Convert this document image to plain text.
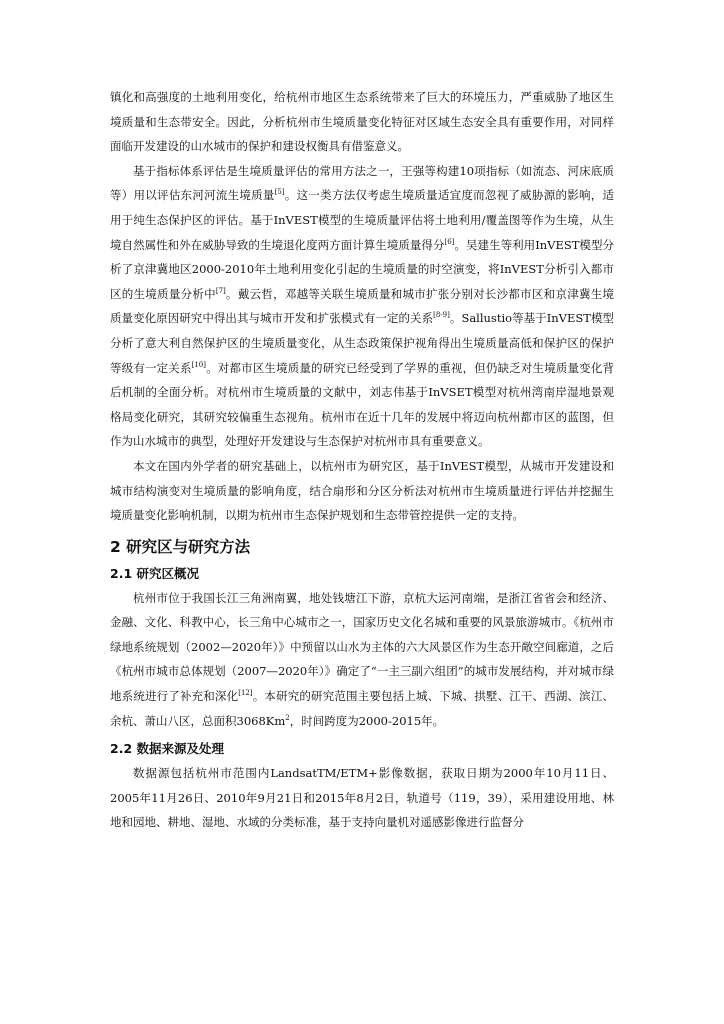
镇化和高强度的土地利用变化，给杭州市地区生态系统带来了巨大的环境压力，严重威胁了地区生境质量和生态带安全。因此，分析杭州市生境质量变化特征对区域生态安全具有重要作用，对同样面临开发建设的山水城市的保护和建设权衡具有借鉴意义。

基于指标体系评估是生境质量评估的常用方法之一，王强等构建10项指标（如流态、河床底质等）用以评估东河河流生境质量[5]。这一类方法仅考虑生境质量适宜度而忽视了威胁源的影响，适用于纯生态保护区的评估。基于InVEST模型的生境质量评估将土地利用/覆盖图等作为生境，从生境自然属性和外在威胁导致的生境退化度两方面计算生境质量得分[6]。吴建生等利用InVEST模型分析了京津冀地区2000-2010年土地利用变化引起的生境质量的时空演变，将InVEST分析引入都市区的生境质量分析中[7]。戴云哲，邓越等关联生境质量和城市扩张分别对长沙都市区和京津冀生境质量变化原因研究中得出其与城市开发和扩张模式有一定的关系[8-9]。Sallustio等基于InVEST模型分析了意大利自然保护区的生境质量变化，从生态政策保护视角得出生境质量高低和保护区的保护等级有一定关系[10]。对都市区生境质量的研究已经受到了学界的重视，但仍缺乏对生境质量变化背后机制的全面分析。对杭州市生境质量的文献中，刘志伟基于InVSET模型对杭州湾南岸湿地景观格局变化研究，其研究较偏重生态视角。杭州市在近十几年的发展中将迈向杭州都市区的蓝图，但作为山水城市的典型，处理好开发建设与生态保护对杭州市具有重要意义。

本文在国内外学者的研究基础上，以杭州市为研究区，基于InVEST模型，从城市开发建设和城市结构演变对生境质量的影响角度，结合扇形和分区分析法对杭州市生境质量进行评估并挖掘生境质量变化影响机制，以期为杭州市生态保护规划和生态带管控提供一定的支持。

2 研究区与研究方法
2.1 研究区概况

杭州市位于我国长江三角洲南翼，地处钱塘江下游，京杭大运河南端，是浙江省省会和经济、金融、文化、科教中心，长三角中心城市之一，国家历史文化名城和重要的风景旅游城市。《杭州市绿地系统规划（2002—2020年）》中预留以山水为主体的六大风景区作为生态开敞空间廊道，之后《杭州市城市总体规划（2007—2020年）》确定了“一主三副六组团”的城市发展结构，并对城市绿地系统进行了补充和深化[12]。本研究的研究范围主要包括上城、下城、拱墅、江干、西湖、滨江、余杭、萧山八区，总面积3068Km$^2$，时间跨度为2000-2015年。

2.2 数据来源及处理

数据源包括杭州市范围内LandsatTM/ETM+影像数据，获取日期为2000年10月11日、2005年11月26日、2010年9月21日和2015年8月2日，轨道号（119，39），采用建设用地、林地和园地、耕地、湿地、水域的分类标准，基于支持向量机对遥感影像进行监督分
